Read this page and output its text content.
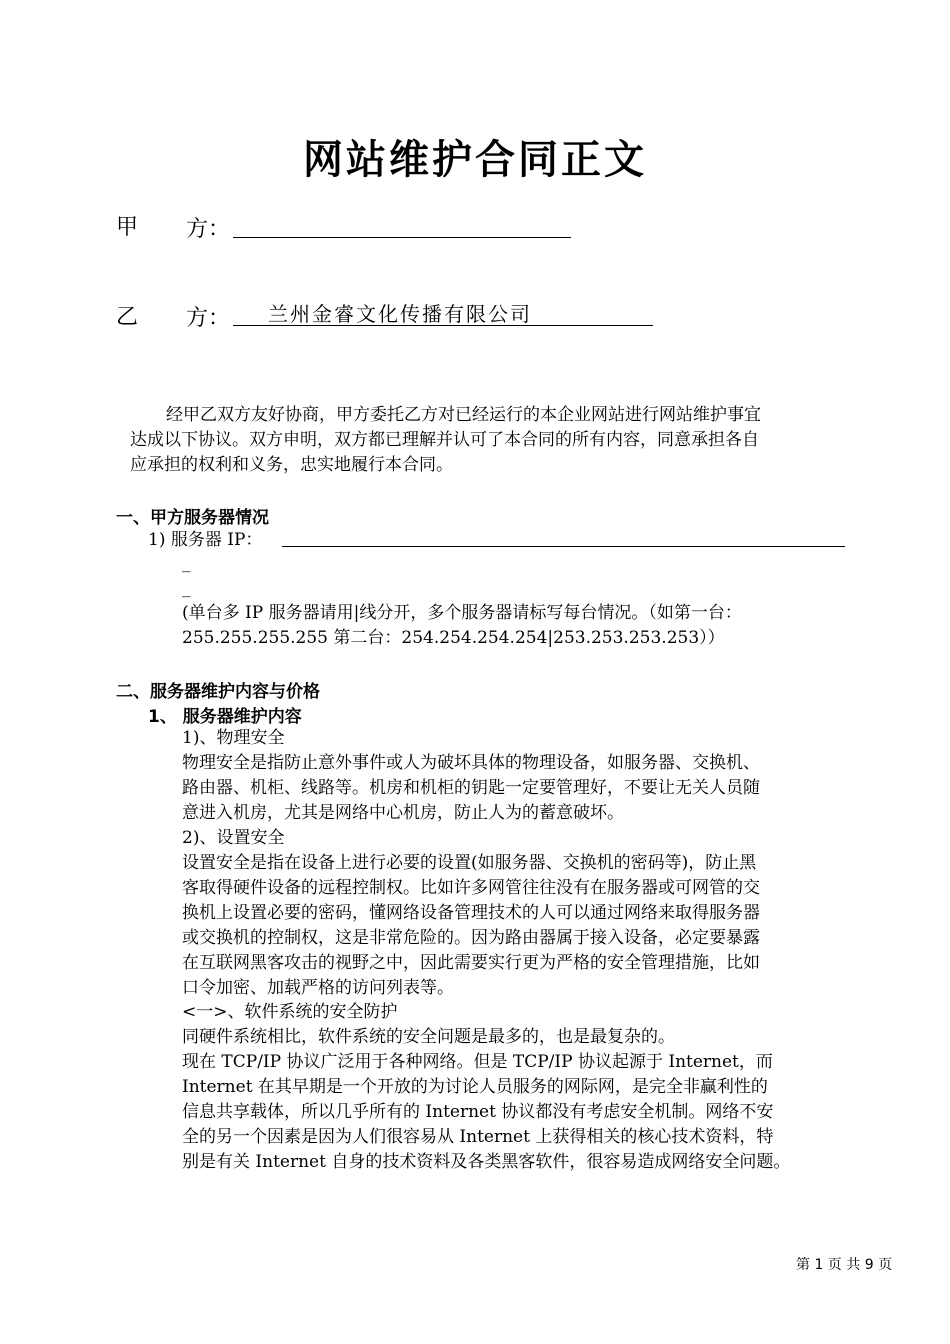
网站维护合同正文
甲 方：
乙 方： 兰州金睿文化传播有限公司
经甲乙双方友好协商，甲方委托乙方对已经运行的本企业网站进行网站维护事宜
达成以下协议。双方申明，双方都已理解并认可了本合同的所有内容，同意承担各自
应承担的权利和义务，忠实地履行本合同。
一、甲方服务器情况
1) 服务器 IP：
_
_
(单台多 IP 服务器请用|线分开，多个服务器请标写每台情况。（如第一台：
255.255.255.255 第二台：254.254.254.254|253.253.253.253））
二、服务器维护内容与价格
1、 服务器维护内容
1)、物理安全
物理安全是指防止意外事件或人为破坏具体的物理设备，如服务器、交换机、
路由器、机柜、线路等。机房和机柜的钥匙一定要管理好，不要让无关人员随
意进入机房，尤其是网络中心机房，防止人为的蓄意破坏。
2)、设置安全
设置安全是指在设备上进行必要的设置(如服务器、交换机的密码等)，防止黑
客取得硬件设备的远程控制权。比如许多网管往往没有在服务器或可网管的交
换机上设置必要的密码，懂网络设备管理技术的人可以通过网络来取得服务器
或交换机的控制权，这是非常危险的。因为路由器属于接入设备，必定要暴露
在互联网黑客攻击的视野之中，因此需要实行更为严格的安全管理措施，比如
口令加密、加载严格的访问列表等。
<一>、软件系统的安全防护
同硬件系统相比，软件系统的安全问题是最多的，也是最复杂的。
现在 TCP/IP 协议广泛用于各种网络。但是 TCP/IP 协议起源于 Internet，而
Internet 在其早期是一个开放的为讨论人员服务的网际网，是完全非赢利性的
信息共享载体，所以几乎所有的 Internet 协议都没有考虑安全机制。网络不安
全的另一个因素是因为人们很容易从 Internet 上获得相关的核心技术资料，特
别是有关 Internet 自身的技术资料及各类黑客软件，很容易造成网络安全问题。
第 1 页 共 9 页
